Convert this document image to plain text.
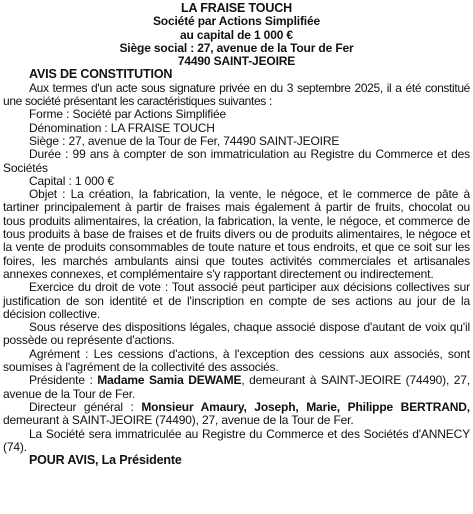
LA FRAISE TOUCH
Société par Actions Simplifiée
au capital de 1 000 €
Siège social : 27, avenue de la Tour de Fer
74490 SAINT-JEOIRE
AVIS DE CONSTITUTION

Aux termes d'un acte sous signature privée en du 3 septembre 2025, il a été constitué une société présentant les caractéristiques suivantes :

Forme : Société par Actions Simplifiée

Dénomination : LA FRAISE TOUCH

Siège : 27, avenue de la Tour de Fer, 74490 SAINT-JEOIRE

Durée : 99 ans à compter de son immatriculation au Registre du Commerce et des Sociétés

Capital : 1 000 €

Objet : La création, la fabrication, la vente, le négoce, et le commerce de pâte à tartiner principalement à partir de fraises mais également à partir de fruits, chocolat ou tous produits alimentaires, la création, la fabrication, la vente, le négoce, et commerce de tous produits à base de fraises et de fruits divers ou de produits alimentaires, le négoce et la vente de produits consommables de toute nature et tous endroits, et que ce soit sur les foires, les marchés ambulants ainsi que toutes activités commerciales et artisanales annexes connexes, et complémentaire s'y rapportant directement ou indirectement.

Exercice du droit de vote : Tout associé peut participer aux décisions collectives sur justification de son identité et de l'inscription en compte de ses actions au jour de la décision collective.

Sous réserve des dispositions légales, chaque associé dispose d'autant de voix qu'il possède ou représente d'actions.

Agrément : Les cessions d'actions, à l'exception des cessions aux associés, sont soumises à l'agrément de la collectivité des associés.

Présidente : Madame Samia DEWAME, demeurant à SAINT-JEOIRE (74490), 27, avenue de la Tour de Fer.

Directeur général : Monsieur Amaury, Joseph, Marie, Philippe BERTRAND, demeurant à SAINT-JEOIRE (74490), 27, avenue de la Tour de Fer.

La Société sera immatriculée au Registre du Commerce et des Sociétés d'ANNECY (74).

POUR AVIS, La Présidente
